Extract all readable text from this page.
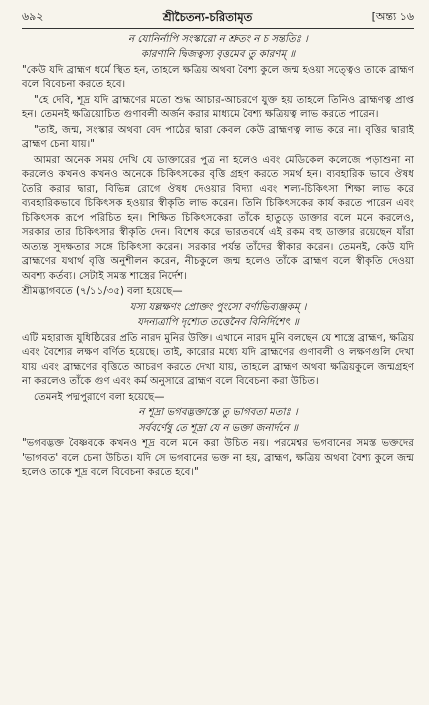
৬৯২	শ্রীচৈতন্য-চরিতামৃত	[অন্ত্য ১৬
ন যোনির্নাপি সংস্কারো ন শ্রুতং ন চ সন্ততিঃ ।
কারণানি দ্বিজত্বস্য বৃত্তমেব তু কারণম্ ॥
"কেউ যদি ব্রাহ্মণ ধর্মে স্থিত হন, তাহলে ক্ষত্রিয় অথবা বৈশ্য কুলে জন্ম হওয়া সত্ত্বেও তাকে ব্রাহ্মণ বলে বিবেচনা করতে হবে।
"হে দেবি, শূদ্র যদি ব্রাহ্মণের মতো শুদ্ধ আচার-আচরণে যুক্ত হয় তাহলে তিনিও ব্রাহ্মণত্ব প্রাপ্ত হন। তেমনই ক্ষত্রিয়োচিত গুণাবলী অর্জন করার মাধ্যমে বৈশ্য ক্ষত্রিয়ত্ব লাভ করতে পারেন।
"তাই, জন্ম, সংস্কার অথবা বেদ পাঠের দ্বারা কেবল কেউ ব্রাহ্মণত্ব লাভ করে না। বৃত্তির দ্বারাই ব্রাহ্মণ চেনা যায়।"
আমরা অনেক সময় দেখি যে ডাক্তারের পুত্র না হলেও এবং মেডিকেল কলেজে পড়াশুনা না করলেও কখনও কখনও অনেকে চিকিৎসকের বৃত্তি গ্রহণ করতে সমর্থ হন। ব্যবহারিক ভাবে ঔষধ তৈরি করার দ্বারা, বিভিন্ন রোগে ঔষধ দেওয়ার বিদ্যা এবং শল্য-চিকিৎসা শিক্ষা লাভ করে ব্যবহারিকভাবে চিকিৎসক হওয়ার স্বীকৃতি লাভ করেন। তিনি চিকিৎসকের কার্য করতে পারেন এবং চিকিৎসক রূপে পরিচিত হন। শিক্ষিত চিকিৎসকেরা তাঁকে হাতুড়ে ডাক্তার বলে মনে করলেও, সরকার তার চিকিৎসার স্বীকৃতি দেন। বিশেষ করে ভারতবর্ষে এই রকম বহু ডাক্তার রয়েছেন যাঁরা অত্যন্ত সুদক্ষতার সঙ্গে চিকিৎসা করেন। সরকার পর্যন্ত তাঁদের স্বীকার করেন। তেমনই, কেউ যদি ব্রাহ্মণের যথার্থ বৃত্তি অনুশীলন করেন, নীচকুলে জন্ম হলেও তাঁকে ব্রাহ্মণ বলে স্বীকৃতি দেওয়া অবশ্য কর্তব্য। সেটাই সমস্ত শাস্ত্রের নির্দেশ।
শ্রীমদ্ভাগবতে (৭/১১/৩৫) বলা হয়েছে—
যস্য যল্লক্ষণং প্রোক্তং পুংসো বর্ণাভিব্যঞ্জকম্ ।
যদন্যত্রাপি দৃশ্যেত তত্তেনৈব বিনির্দিশেৎ ॥
এটি মহারাজ যুধিষ্ঠিরের প্রতি নারদ মুনির উক্তি। এখানে নারদ মুনি বলছেন যে শাস্ত্রে ব্রাহ্মণ, ক্ষত্রিয় এবং বৈশ্যের লক্ষণ বর্ণিত হয়েছে। তাই, কারোর মধ্যে যদি ব্রাহ্মণের গুণাবলী ও লক্ষণগুলি দেখা যায় এবং ব্রাহ্মণের বৃত্তিতে আচরণ করতে দেখা যায়, তাহলে ব্রাহ্মণ অথবা ক্ষত্রিয়কুলে জন্মগ্রহণ না করলেও তাঁকে গুণ এবং কর্ম অনুসারে ব্রাহ্মণ বলে বিবেচনা করা উচিত।
তেমনই পদ্মপুরাণে বলা হয়েছে—
ন শূদ্রা ভগবদ্ভক্তাস্তে তু ভাগবতা মতাঃ ।
সর্ববর্ণেষু তে শূদ্রা যে ন ভক্তা জনার্দনে ॥
"ভগবদ্ভক্ত বৈষ্ণবকে কখনও শূদ্র বলে মনে করা উচিত নয়। পরমেশ্বর ভগবানের সমস্ত ভক্তদের 'ভাগবত' বলে চেনা উচিত। যদি সে ভগবানের ভক্ত না হয়, ব্রাহ্মণ, ক্ষত্রিয় অথবা বৈশ্য কুলে জন্ম হলেও তাকে শূদ্র বলে বিবেচনা করতে হবে।"
